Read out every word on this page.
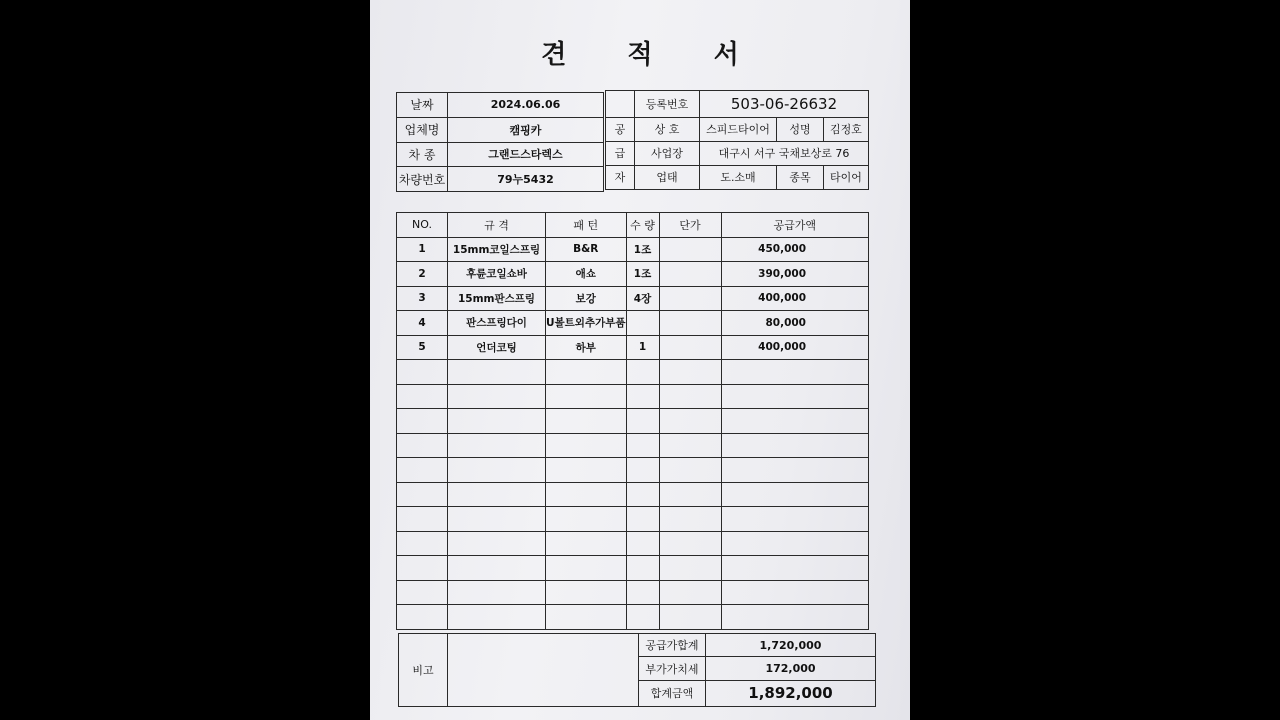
견 적 서
날짜	2024.06.06
업체명	캠핑카
차 종	그랜드스타렉스
차량번호	79누5432
	등록번호	503-06-26632		
공	상 호	스피드타이어	성명	김정호
급	사업장	대구시 서구 국채보상로 76		
자	업태	도.소매	종목	타이어
NO.	규 격	패 턴	수 량	단가	공급가액
1	15mm코일스프링	B&R	1조		450,000
2	후륜코일쇼바	애쇼	1조		390,000
3	15mm판스프링	보강	4장		400,000
4	판스프링다이	U볼트외추가부품			80,000
5	언더코팅	하부	1		400,000

비고		공급가합계	1,720,000
		부가가치세	172,000
		합계금액	1,892,000
